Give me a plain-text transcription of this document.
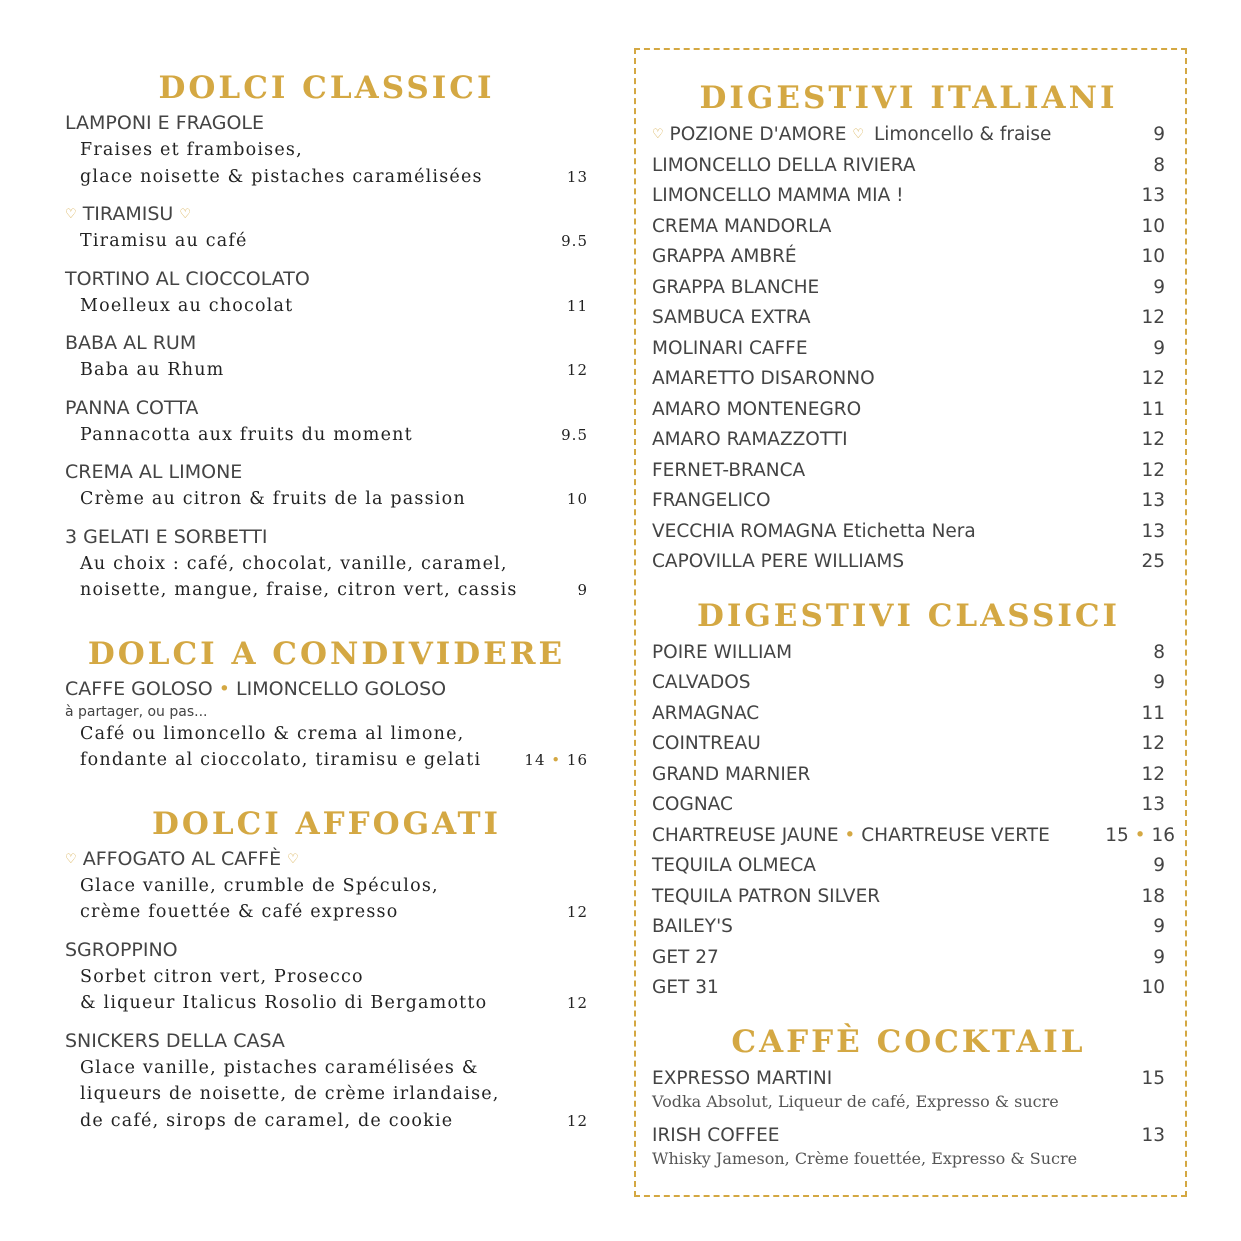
DOLCI CLASSICI
LAMPONI E FRAGOLE
Fraises et framboises,
glace noisette & pistaches caramélisées	13
♡ TIRAMISU ♡
Tiramisu au café	9.5
TORTINO AL CIOCCOLATO
Moelleux au chocolat	11
BABA AL RUM
Baba au Rhum	12
PANNA COTTA
Pannacotta aux fruits du moment	9.5
CREMA AL LIMONE
Crème au citron & fruits de la passion	10
3 GELATI E SORBETTI
Au choix : café, chocolat, vanille, caramel,
noisette, mangue, fraise, citron vert, cassis	9
DOLCI A CONDIVIDERE
CAFFE GOLOSO • LIMONCELLO GOLOSO
à partager, ou pas...
Café ou limoncello & crema al limone,
fondante al cioccolato, tiramisu e gelati	14 • 16
DOLCI AFFOGATI
♡ AFFOGATO AL CAFFÈ ♡
Glace vanille, crumble de Spéculos,
crème fouettée & café expresso	12
SGROPPINO
Sorbet citron vert, Prosecco
& liqueur Italicus Rosolio di Bergamotto	12
SNICKERS DELLA CASA
Glace vanille, pistaches caramélisées &
liqueurs de noisette, de crème irlandaise,
de café, sirops de caramel, de cookie	12
DIGESTIVI ITALIANI
♡ POZIONE D'AMORE ♡ Limoncello & fraise	9
LIMONCELLO DELLA RIVIERA	8
LIMONCELLO MAMMA MIA !	13
CREMA MANDORLA	10
GRAPPA AMBRÉ	10
GRAPPA BLANCHE	9
SAMBUCA EXTRA	12
MOLINARI CAFFE	9
AMARETTO DISARONNO	12
AMARO MONTENEGRO	11
AMARO RAMAZZOTTI	12
FERNET-BRANCA	12
FRANGELICO	13
VECCHIA ROMAGNA Etichetta Nera	13
CAPOVILLA PERE WILLIAMS	25
DIGESTIVI CLASSICI
POIRE WILLIAM	8
CALVADOS	9
ARMAGNAC	11
COINTREAU	12
GRAND MARNIER	12
COGNAC	13
CHARTREUSE JAUNE • CHARTREUSE VERTE	15 • 16
TEQUILA OLMECA	9
TEQUILA PATRON SILVER	18
BAILEY'S	9
GET 27	9
GET 31	10
CAFFÈ COCKTAIL
EXPRESSO MARTINI	15
Vodka Absolut, Liqueur de café, Expresso & sucre
IRISH COFFEE	13
Whisky Jameson, Crème fouettée, Expresso & Sucre
